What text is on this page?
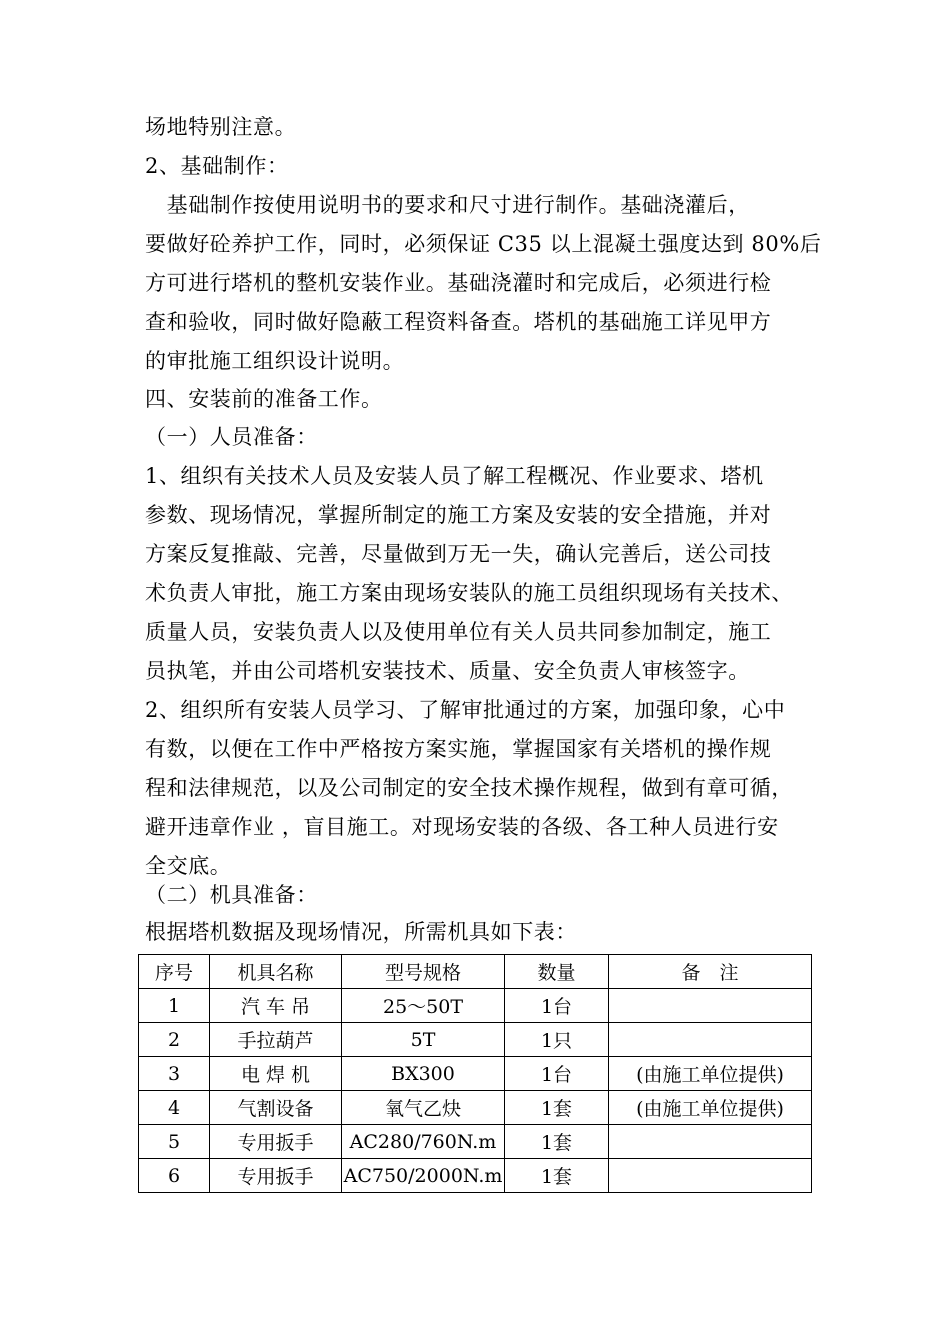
场地特别注意。
2、基础制作：
　基础制作按使用说明书的要求和尺寸进行制作。基础浇灌后，
要做好砼养护工作，同时，必须保证 C35 以上混凝土强度达到 80%后
方可进行塔机的整机安装作业。基础浇灌时和完成后，必须进行检
查和验收，同时做好隐蔽工程资料备查。塔机的基础施工详见甲方
的审批施工组织设计说明。
四、安装前的准备工作。
（一）人员准备：
1、组织有关技术人员及安装人员了解工程概况、作业要求、塔机
参数、现场情况，掌握所制定的施工方案及安装的安全措施，并对
方案反复推敲、完善，尽量做到万无一失，确认完善后，送公司技
术负责人审批，施工方案由现场安装队的施工员组织现场有关技术、
质量人员，安装负责人以及使用单位有关人员共同参加制定，施工
员执笔，并由公司塔机安装技术、质量、安全负责人审核签字。
2、组织所有安装人员学习、了解审批通过的方案，加强印象，心中
有数，以便在工作中严格按方案实施，掌握国家有关塔机的操作规
程和法律规范，以及公司制定的安全技术操作规程，做到有章可循，
避开违章作业 ，盲目施工。对现场安装的各级、各工种人员进行安
全交底。
（二）机具准备：
根据塔机数据及现场情况，所需机具如下表：
序号	机具名称	型号规格	数量	备　注
1	汽 车 吊	25～50T	1台	
2	手拉葫芦	5T	1只	
3	电 焊 机	BX300	1台	(由施工单位提供)
4	气割设备	氧气乙炔	1套	(由施工单位提供)
5	专用扳手	AC280/760N.m	1套	
6	专用扳手	AC750/2000N.m	1套	
